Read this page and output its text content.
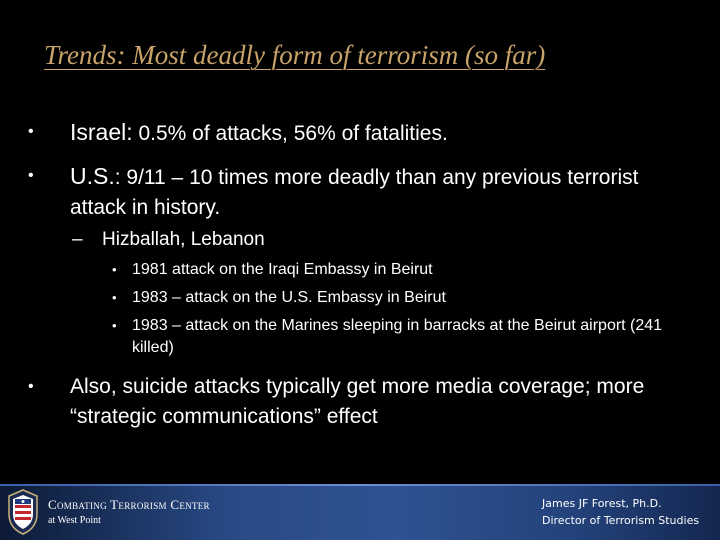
Trends: Most deadly form of terrorism (so far)
• Israel: 0.5% of attacks, 56% of fatalities.
• U.S.: 9/11 – 10 times more deadly than any previous terrorist attack in history.
– Hizballah, Lebanon
• 1981 attack on the Iraqi Embassy in Beirut
• 1983 – attack on the U.S. Embassy in Beirut
• 1983 – attack on the Marines sleeping in barracks at the Beirut airport (241 killed)
• Also, suicide attacks typically get more media coverage; more “strategic communications” effect
Combating Terrorism Center
at West Point
James JF Forest, Ph.D.
Director of Terrorism Studies
